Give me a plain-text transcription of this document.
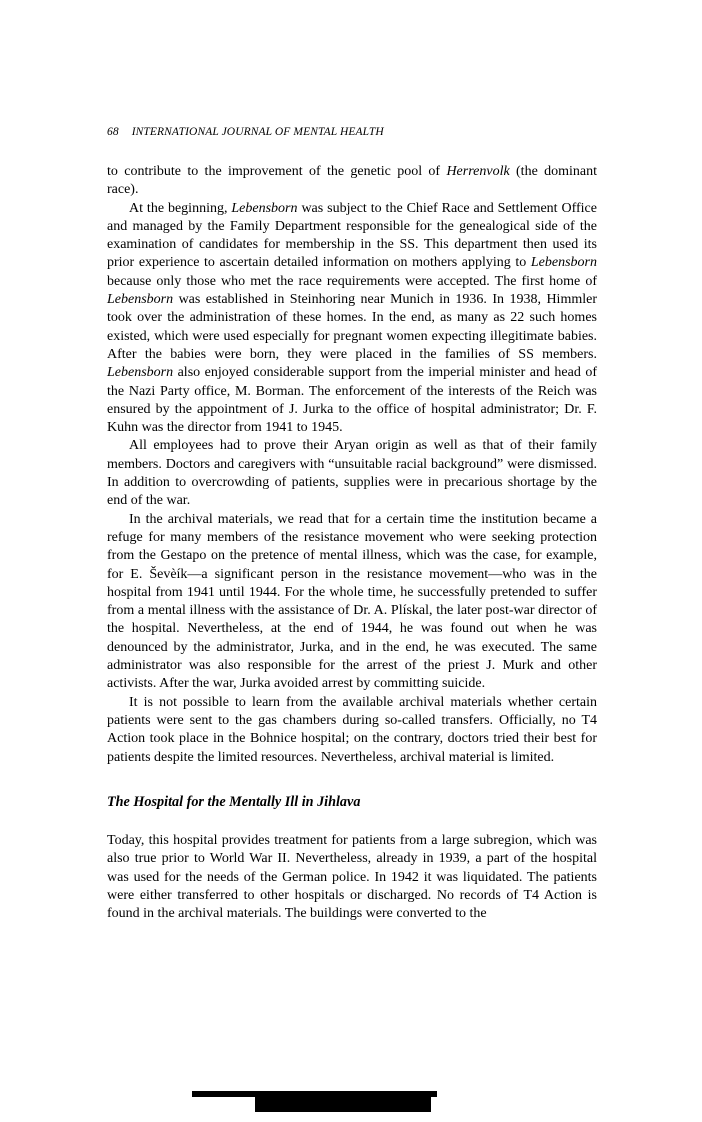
68 INTERNATIONAL JOURNAL OF MENTAL HEALTH

to contribute to the improvement of the genetic pool of Herrenvolk (the dominant race).

At the beginning, Lebensborn was subject to the Chief Race and Settlement Office and managed by the Family Department responsible for the genealogical side of the examination of candidates for membership in the SS. This department then used its prior experience to ascertain detailed information on mothers applying to Lebensborn because only those who met the race requirements were accepted. The first home of Lebensborn was established in Steinhoring near Munich in 1936. In 1938, Himmler took over the administration of these homes. In the end, as many as 22 such homes existed, which were used especially for pregnant women expecting illegitimate babies. After the babies were born, they were placed in the families of SS members. Lebensborn also enjoyed considerable support from the imperial minister and head of the Nazi Party office, M. Borman. The enforcement of the interests of the Reich was ensured by the appointment of J. Jurka to the office of hospital administrator; Dr. F. Kuhn was the director from 1941 to 1945.

All employees had to prove their Aryan origin as well as that of their family members. Doctors and caregivers with “unsuitable racial background” were dismissed. In addition to overcrowding of patients, supplies were in precarious shortage by the end of the war.

In the archival materials, we read that for a certain time the institution became a refuge for many members of the resistance movement who were seeking protection from the Gestapo on the pretence of mental illness, which was the case, for example, for E. Ševèík—a significant person in the resistance movement—who was in the hospital from 1941 until 1944. For the whole time, he successfully pretended to suffer from a mental illness with the assistance of Dr. A. Plískal, the later post-war director of the hospital. Nevertheless, at the end of 1944, he was found out when he was denounced by the administrator, Jurka, and in the end, he was executed. The same administrator was also responsible for the arrest of the priest J. Murk and other activists. After the war, Jurka avoided arrest by committing suicide.

It is not possible to learn from the available archival materials whether certain patients were sent to the gas chambers during so-called transfers. Officially, no T4 Action took place in the Bohnice hospital; on the contrary, doctors tried their best for patients despite the limited resources. Nevertheless, archival material is limited.

The Hospital for the Mentally Ill in Jihlava

Today, this hospital provides treatment for patients from a large subregion, which was also true prior to World War II. Nevertheless, already in 1939, a part of the hospital was used for the needs of the German police. In 1942 it was liquidated. The patients were either transferred to other hospitals or discharged. No records of T4 Action is found in the archival materials. The buildings were converted to the
